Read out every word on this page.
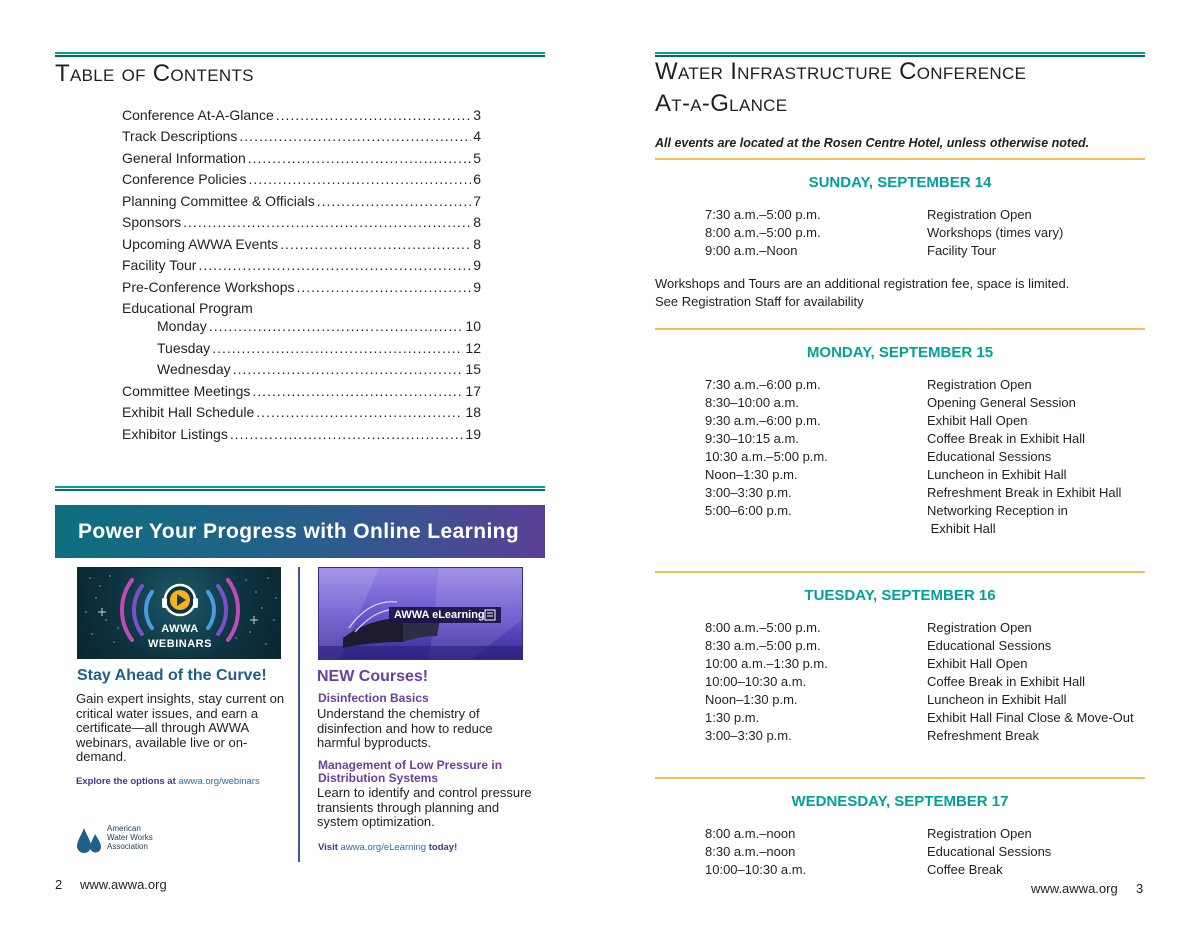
Table of Contents
Conference At-A-Glance .....	3
Track Descriptions .....	4
General Information .....	5
Conference Policies .....	6
Planning Committee & Officials .....	7
Sponsors .....	8
Upcoming AWWA Events .....	8
Facility Tour .....	9
Pre-Conference Workshops .....	9
Educational Program
Monday .....	10
Tuesday .....	12
Wednesday .....	15
Committee Meetings .....	17
Exhibit Hall Schedule .....	18
Exhibitor Listings .....	19
Power Your Progress with Online Learning
AWWA
WEBINARS
Stay Ahead of the Curve!
Gain expert insights, stay current on critical water issues, and earn a certificate—all through AWWA webinars, available live or on-demand.
Explore the options at awwa.org/webinars
American
Water Works
Association
AWWA eLearning
NEW Courses!
Disinfection Basics
Understand the chemistry of disinfection and how to reduce harmful byproducts.
Management of Low Pressure in Distribution Systems
Learn to identify and control pressure transients through planning and system optimization.
Visit awwa.org/eLearning today!
2 www.awwa.org
Water Infrastructure Conference
At-a-Glance
All events are located at the Rosen Centre Hotel, unless otherwise noted.
SUNDAY, SEPTEMBER 14
7:30 a.m.–5:00 p.m.	Registration Open
8:00 a.m.–5:00 p.m.	Workshops (times vary)
9:00 a.m.–Noon	Facility Tour
Workshops and Tours are an additional registration fee, space is limited.
See Registration Staff for availability
MONDAY, SEPTEMBER 15
7:30 a.m.–6:00 p.m.	Registration Open
8:30–10:00 a.m.	Opening General Session
9:30 a.m.–6:00 p.m.	Exhibit Hall Open
9:30–10:15 a.m.	Coffee Break in Exhibit Hall
10:30 a.m.–5:00 p.m.	Educational Sessions
Noon–1:30 p.m.	Luncheon in Exhibit Hall
3:00–3:30 p.m.	Refreshment Break in Exhibit Hall
5:00–6:00 p.m.	Networking Reception in
Exhibit Hall
TUESDAY, SEPTEMBER 16
8:00 a.m.–5:00 p.m.	Registration Open
8:30 a.m.–5:00 p.m.	Educational Sessions
10:00 a.m.–1:30 p.m.	Exhibit Hall Open
10:00–10:30 a.m.	Coffee Break in Exhibit Hall
Noon–1:30 p.m.	Luncheon in Exhibit Hall
1:30 p.m.	Exhibit Hall Final Close & Move-Out
3:00–3:30 p.m.	Refreshment Break
WEDNESDAY, SEPTEMBER 17
8:00 a.m.–noon	Registration Open
8:30 a.m.–noon	Educational Sessions
10:00–10:30 a.m.	Coffee Break
www.awwa.org 3
